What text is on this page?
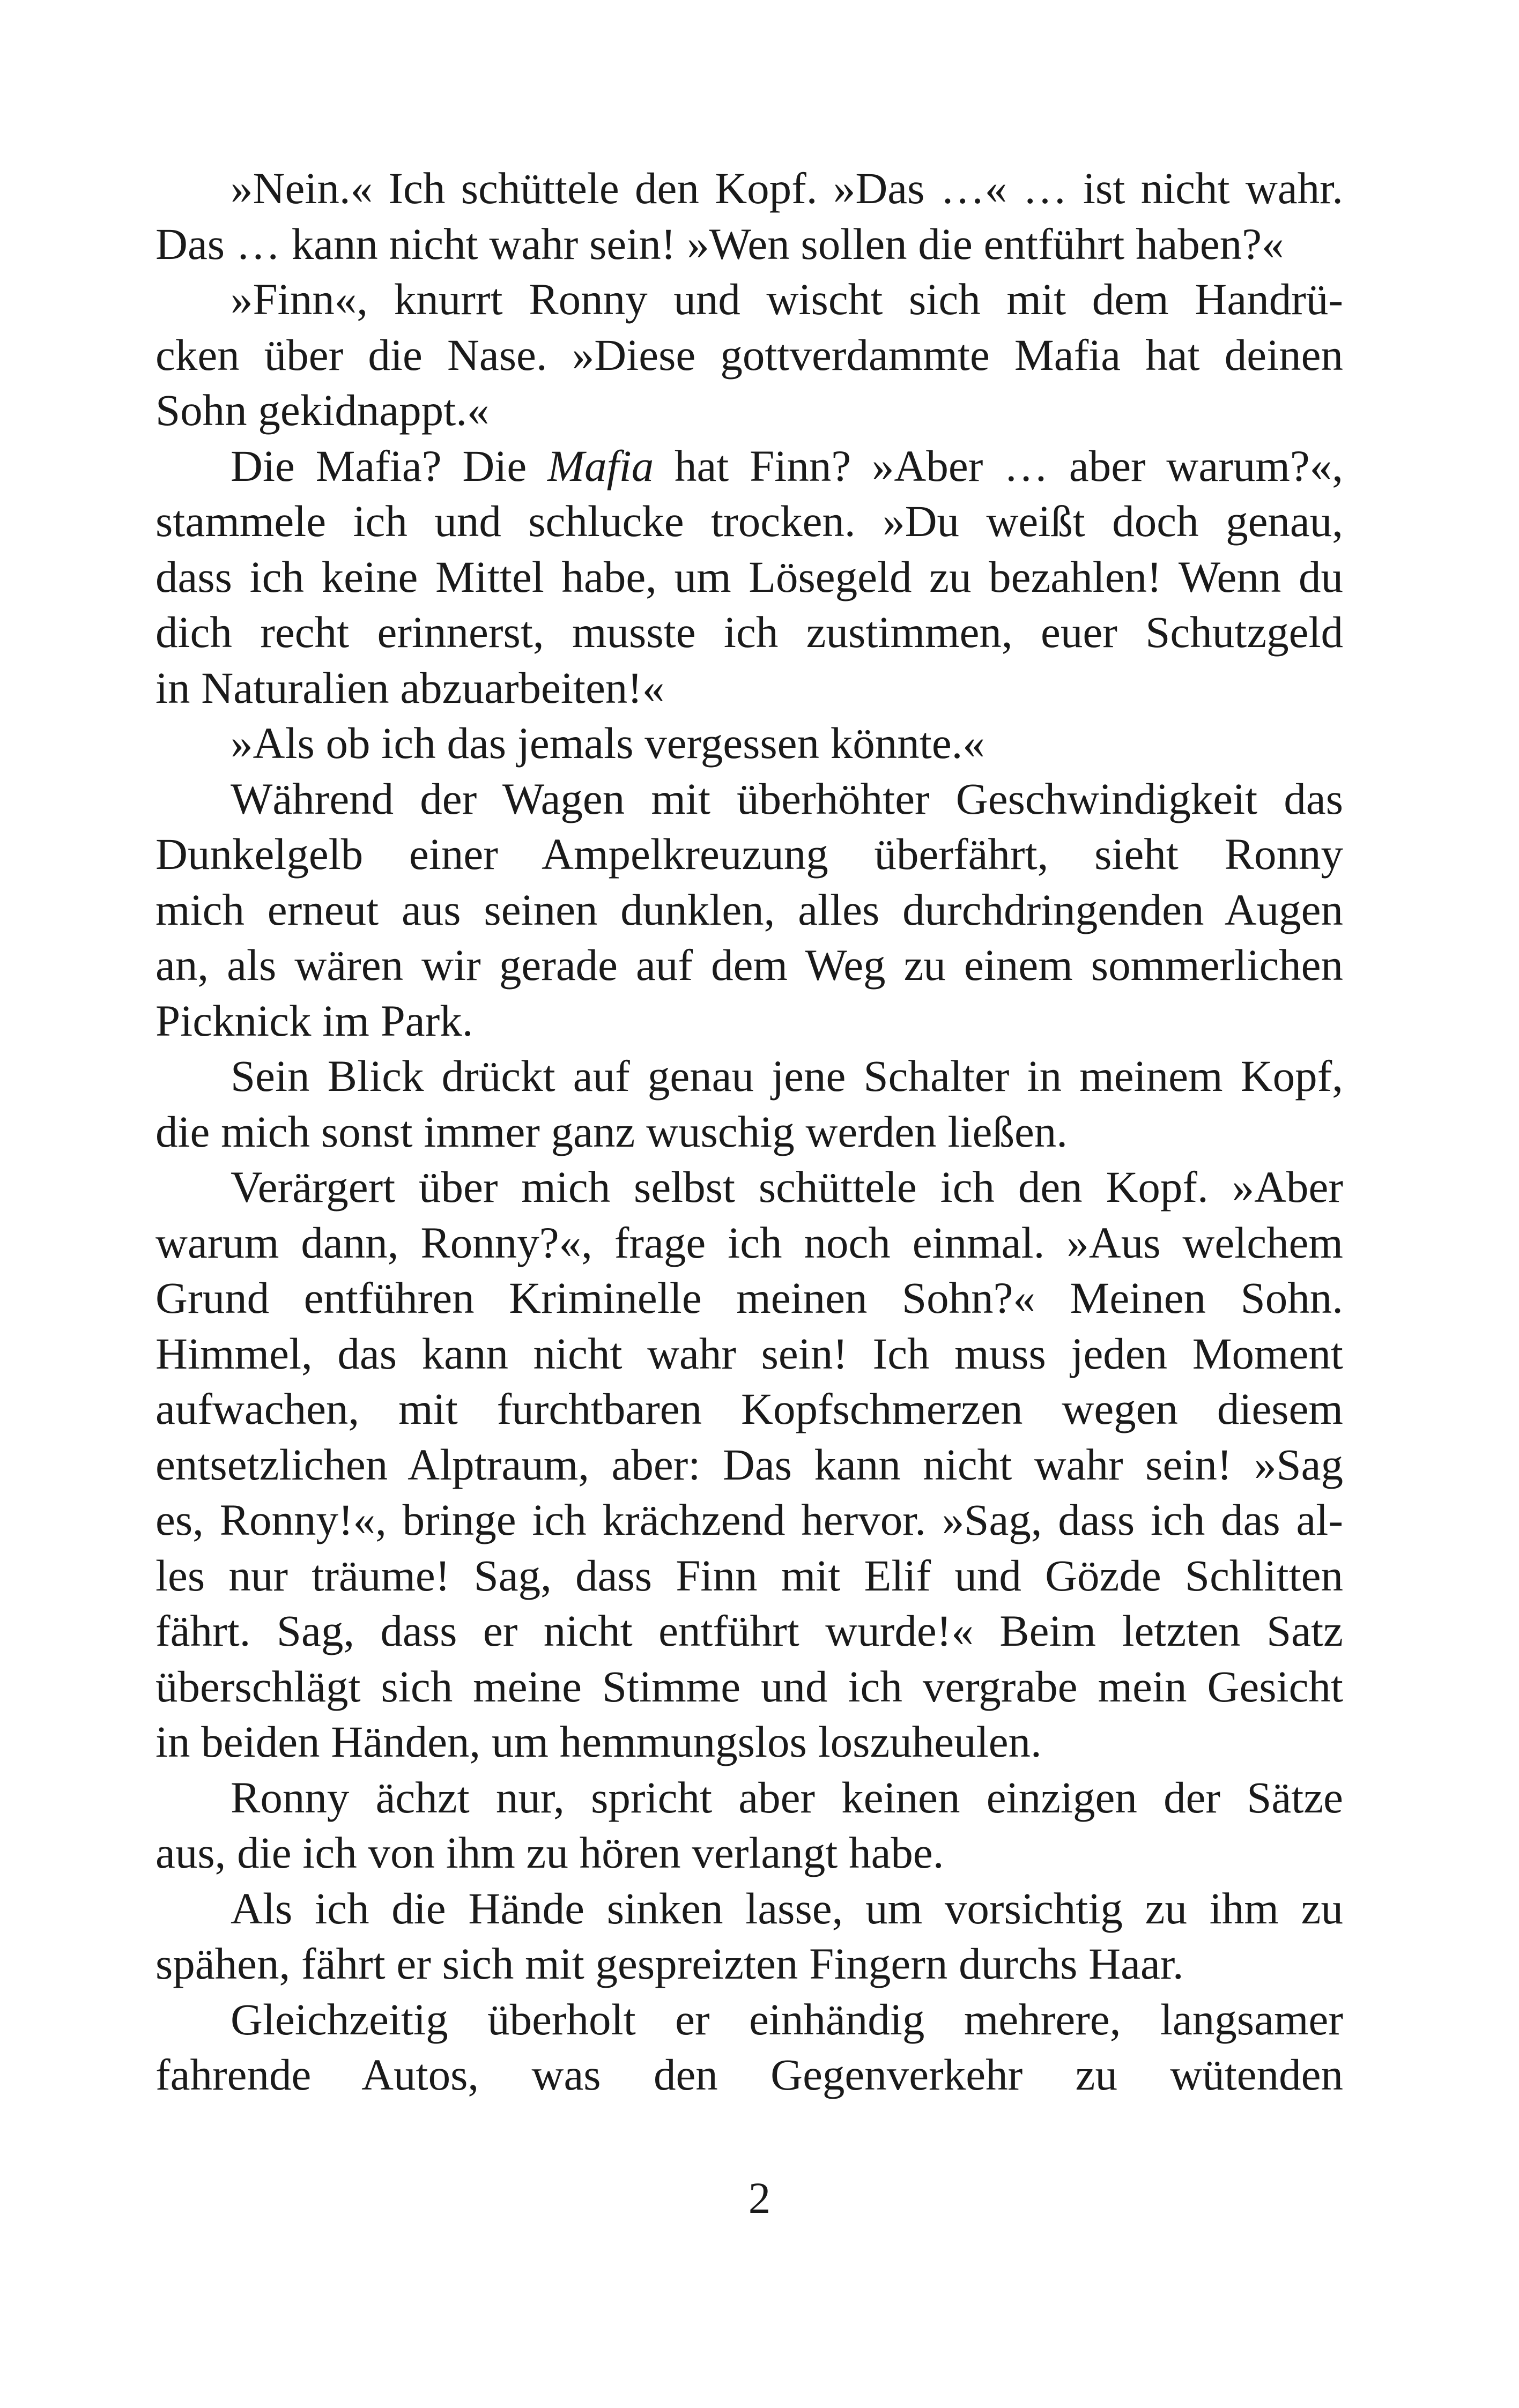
»Nein.« Ich schüttele den Kopf. »Das …« … ist nicht wahr.
Das … kann nicht wahr sein! »Wen sollen die entführt haben?«
»Finn«, knurrt Ronny und wischt sich mit dem Handrü-
cken über die Nase. »Diese gottverdammte Mafia hat deinen
Sohn gekidnappt.«
Die Mafia? Die Mafia hat Finn? »Aber … aber warum?«,
stammele ich und schlucke trocken. »Du weißt doch genau,
dass ich keine Mittel habe, um Lösegeld zu bezahlen! Wenn du
dich recht erinnerst, musste ich zustimmen, euer Schutzgeld
in Naturalien abzuarbeiten!«
»Als ob ich das jemals vergessen könnte.«
Während der Wagen mit überhöhter Geschwindigkeit das
Dunkelgelb einer Ampelkreuzung überfährt, sieht Ronny
mich erneut aus seinen dunklen, alles durchdringenden Augen
an, als wären wir gerade auf dem Weg zu einem sommerlichen
Picknick im Park.
Sein Blick drückt auf genau jene Schalter in meinem Kopf,
die mich sonst immer ganz wuschig werden ließen.
Verärgert über mich selbst schüttele ich den Kopf. »Aber
warum dann, Ronny?«, frage ich noch einmal. »Aus welchem
Grund entführen Kriminelle meinen Sohn?« Meinen Sohn.
Himmel, das kann nicht wahr sein! Ich muss jeden Moment
aufwachen, mit furchtbaren Kopfschmerzen wegen diesem
entsetzlichen Alptraum, aber: Das kann nicht wahr sein! »Sag
es, Ronny!«, bringe ich krächzend hervor. »Sag, dass ich das al-
les nur träume! Sag, dass Finn mit Elif und Gözde Schlitten
fährt. Sag, dass er nicht entführt wurde!« Beim letzten Satz
überschlägt sich meine Stimme und ich vergrabe mein Gesicht
in beiden Händen, um hemmungslos loszuheulen.
Ronny ächzt nur, spricht aber keinen einzigen der Sätze
aus, die ich von ihm zu hören verlangt habe.
Als ich die Hände sinken lasse, um vorsichtig zu ihm zu
spähen, fährt er sich mit gespreizten Fingern durchs Haar.
Gleichzeitig überholt er einhändig mehrere, langsamer
fahrende Autos, was den Gegenverkehr zu wütenden
2
